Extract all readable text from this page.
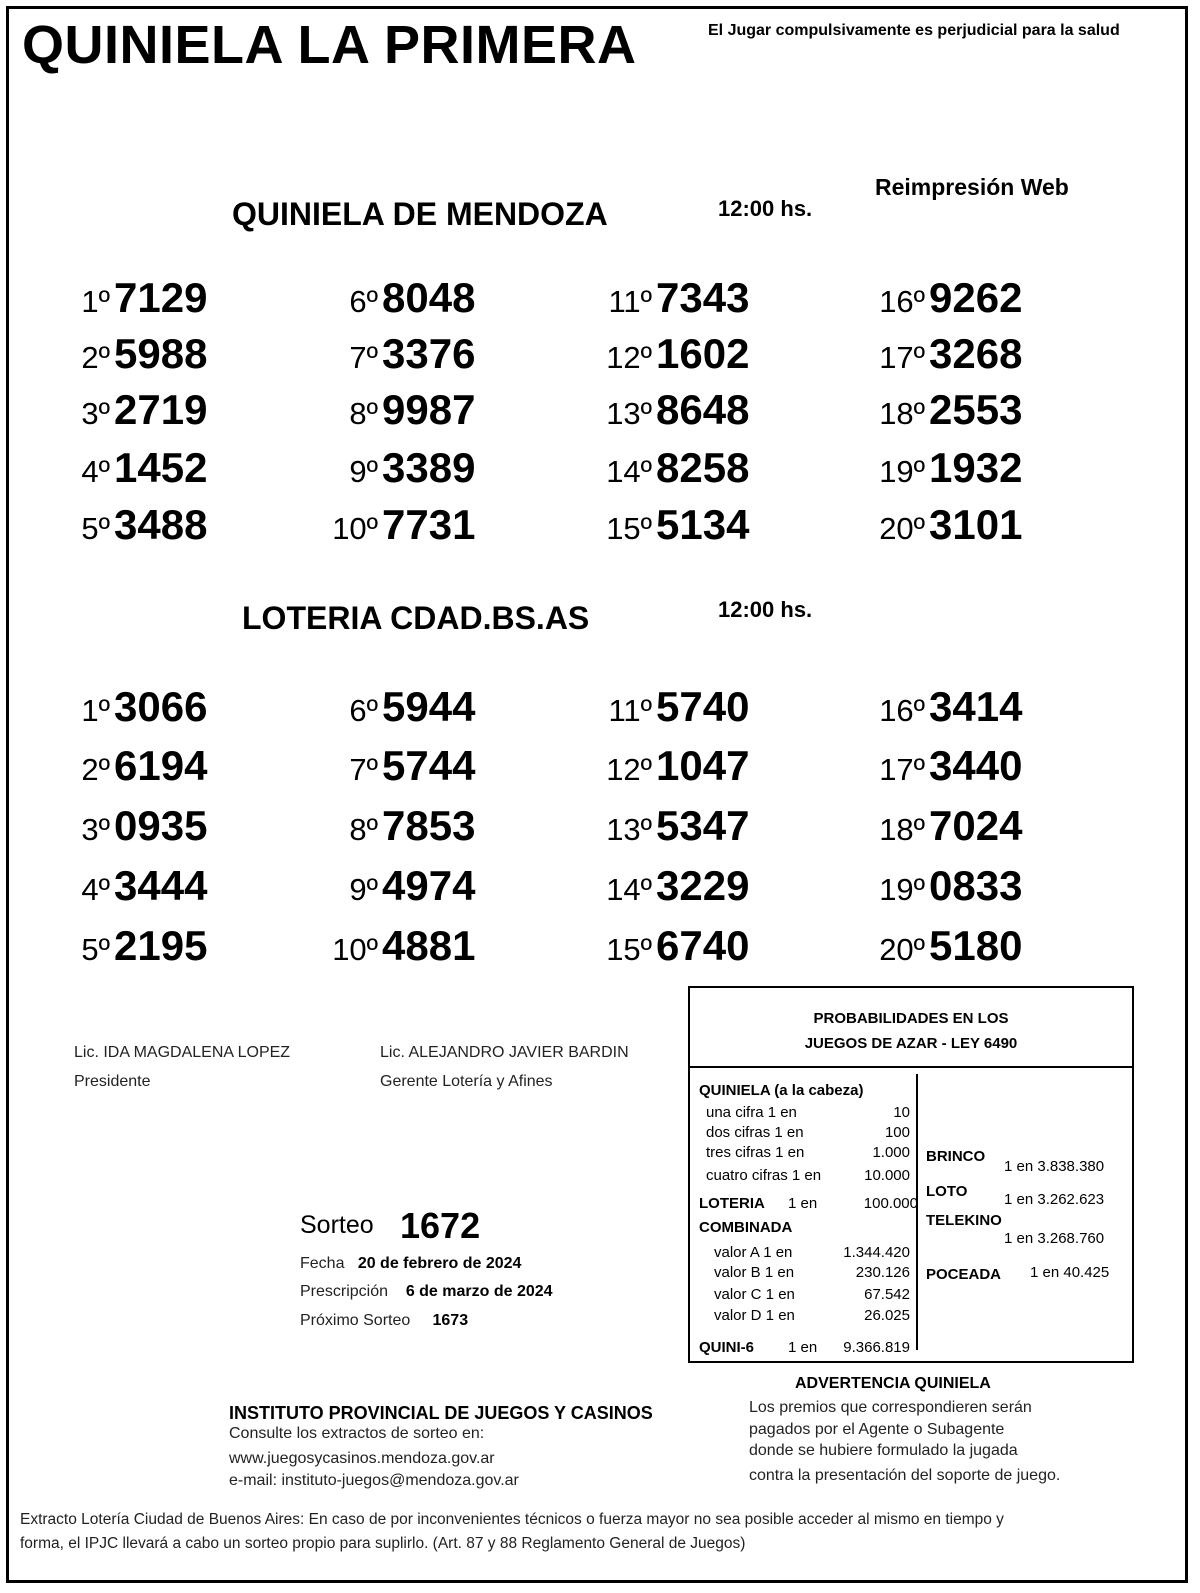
QUINIELA LA PRIMERA	El Jugar compulsivamente es perjudicial para la salud
Reimpresión Web
QUINIELA DE MENDOZA	12:00 hs.
1º 7129
2º 5988
3º 2719
4º 1452
5º 3488
6º 8048
7º 3376
8º 9987
9º 3389
10º 7731
11º 7343
12º 1602
13º 8648
14º 8258
15º 5134
16º 9262
17º 3268
18º 2553
19º 1932
20º 3101
LOTERIA CDAD.BS.AS	12:00 hs.
1º 3066
2º 6194
3º 0935
4º 3444
5º 2195
6º 5944
7º 5744
8º 7853
9º 4974
10º 4881
11º 5740
12º 1047
13º 5347
14º 3229
15º 6740
16º 3414
17º 3440
18º 7024
19º 0833
20º 5180
Lic. IDA MAGDALENA LOPEZ
Presidente
Lic. ALEJANDRO JAVIER BARDIN
Gerente Lotería y Afines
Sorteo 1672
Fecha 20 de febrero de 2024
Prescripción 6 de marzo de 2024
Próximo Sorteo 1673
PROBABILIDADES EN LOS
JUEGOS DE AZAR - LEY 6490
QUINIELA (a la cabeza)
una cifra 1 en	10
dos cifras 1 en	100
tres cifras 1 en	1.000
cuatro cifras 1 en	10.000
LOTERIA 1 en	100.000
COMBINADA
valor A 1 en	1.344.420
valor B 1 en	230.126
valor C 1 en	67.542
valor D 1 en	26.025
QUINI-6 1 en	9.366.819
BRINCO
1 en 3.838.380
LOTO 1 en 3.262.623
TELEKINO
1 en 3.268.760
POCEADA 1 en 40.425
INSTITUTO PROVINCIAL DE JUEGOS Y CASINOS
Consulte los extractos de sorteo en:
www.juegosycasinos.mendoza.gov.ar
e-mail: instituto-juegos@mendoza.gov.ar
ADVERTENCIA QUINIELA
Los premios que correspondieren serán
pagados por el Agente o Subagente
donde se hubiere formulado la jugada
contra la presentación del soporte de juego.
Extracto Lotería Ciudad de Buenos Aires: En caso de por inconvenientes técnicos o fuerza mayor no sea posible acceder al mismo en tiempo y
forma, el IPJC llevará a cabo un sorteo propio para suplirlo. (Art. 87 y 88 Reglamento General de Juegos)
